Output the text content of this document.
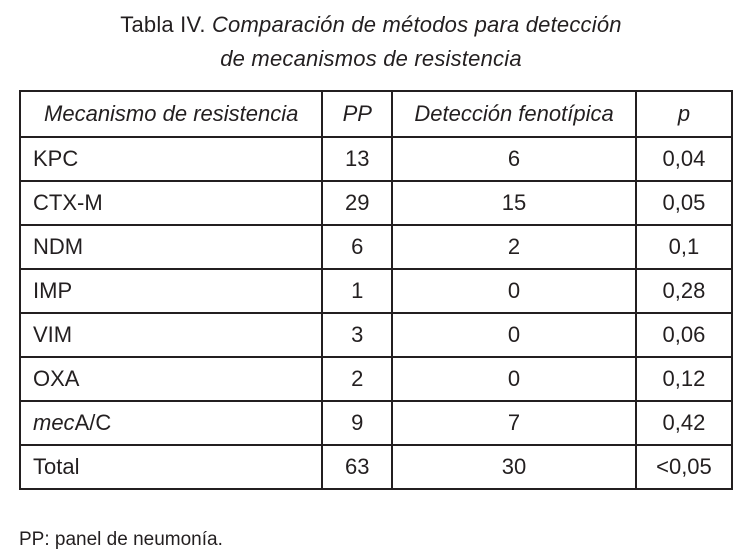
Tabla IV. Comparación de métodos para detección
de mecanismos de resistencia
Mecanismo de resistencia	PP	Detección fenotípica	p
KPC	13	6	0,04
CTX-M	29	15	0,05
NDM	6	2	0,1
IMP	1	0	0,28
VIM	3	0	0,06
OXA	2	0	0,12
mecA/C	9	7	0,42
Total	63	30	<0,05
PP: panel de neumonía.
